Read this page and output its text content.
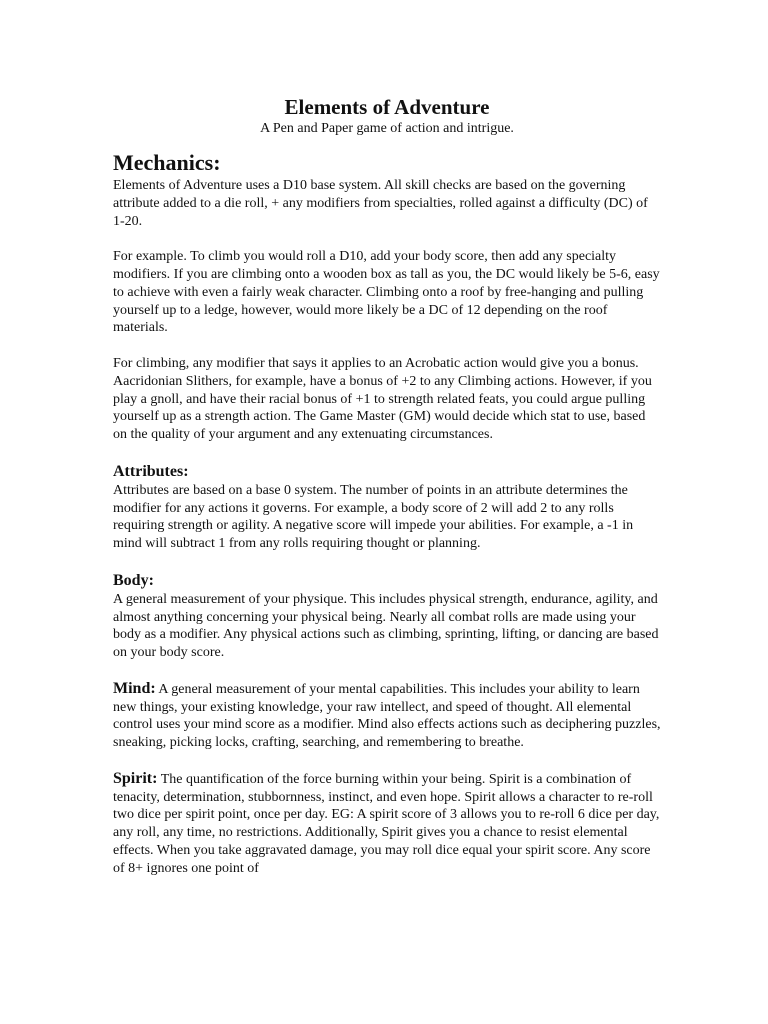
Elements of Adventure
A Pen and Paper game of action and intrigue.
Mechanics:

Elements of Adventure uses a D10 base system. All skill checks are based on the governing attribute added to a die roll, + any modifiers from specialties, rolled against a difficulty (DC) of 1-20.

For example. To climb you would roll a D10, add your body score, then add any specialty modifiers. If you are climbing onto a wooden box as tall as you, the DC would likely be 5-6, easy to achieve with even a fairly weak character. Climbing onto a roof by free-hanging and pulling yourself up to a ledge, however, would more likely be a DC of 12 depending on the roof materials.

For climbing, any modifier that says it applies to an Acrobatic action would give you a bonus. Aacridonian Slithers, for example, have a bonus of +2 to any Climbing actions. However, if you play a gnoll, and have their racial bonus of +1 to strength related feats, you could argue pulling yourself up as a strength action. The Game Master (GM) would decide which stat to use, based on the quality of your argument and any extenuating circumstances.

Attributes:

Attributes are based on a base 0 system. The number of points in an attribute determines the modifier for any actions it governs. For example, a body score of 2 will add 2 to any rolls requiring strength or agility. A negative score will impede your abilities. For example, a -1 in mind will subtract 1 from any rolls requiring thought or planning.

Body:

A general measurement of your physique. This includes physical strength, endurance, agility, and almost anything concerning your physical being. Nearly all combat rolls are made using your body as a modifier. Any physical actions such as climbing, sprinting, lifting, or dancing are based on your body score.

Mind: A general measurement of your mental capabilities. This includes your ability to learn new things, your existing knowledge, your raw intellect, and speed of thought. All elemental control uses your mind score as a modifier. Mind also effects actions such as deciphering puzzles, sneaking, picking locks, crafting, searching, and remembering to breathe.

Spirit: The quantification of the force burning within your being. Spirit is a combination of tenacity, determination, stubbornness, instinct, and even hope. Spirit allows a character to re-roll two dice per spirit point, once per day. EG: A spirit score of 3 allows you to re-roll 6 dice per day, any roll, any time, no restrictions. Additionally, Spirit gives you a chance to resist elemental effects. When you take aggravated damage, you may roll dice equal your spirit score. Any score of 8+ ignores one point of
